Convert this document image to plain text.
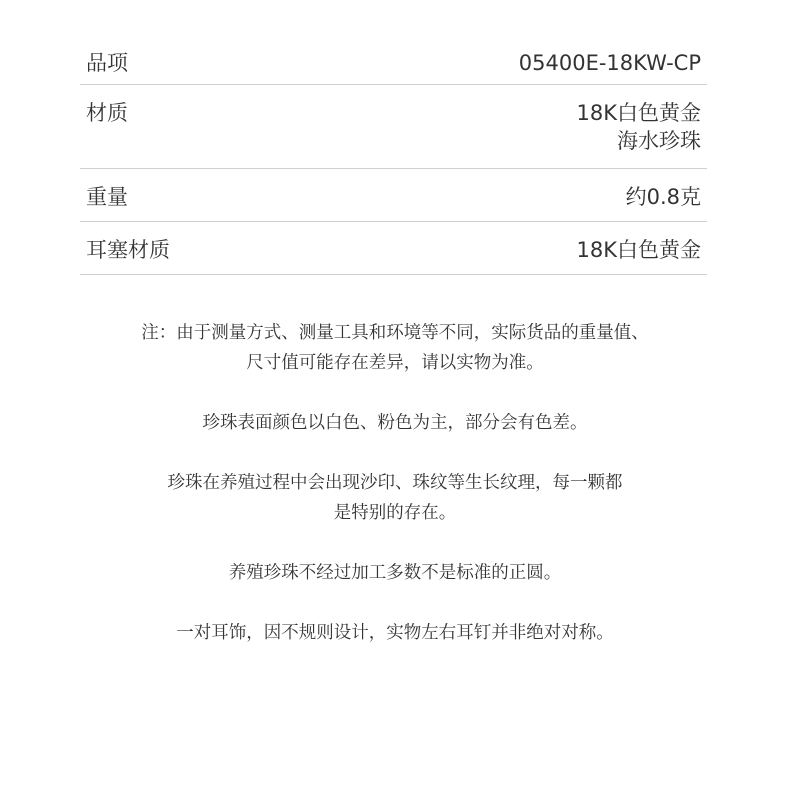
品项	05400E-18KW-CP
材质	18K白色黄金
海水珍珠
重量	约0.8克
耳塞材质	18K白色黄金
注：由于测量方式、测量工具和环境等不同，实际货品的重量值、
尺寸值可能存在差异，请以实物为准。
珍珠表面颜色以白色、粉色为主，部分会有色差。
珍珠在养殖过程中会出现沙印、珠纹等生长纹理，每一颗都
是特别的存在。
养殖珍珠不经过加工多数不是标准的正圆。
一对耳饰，因不规则设计，实物左右耳钉并非绝对对称。
